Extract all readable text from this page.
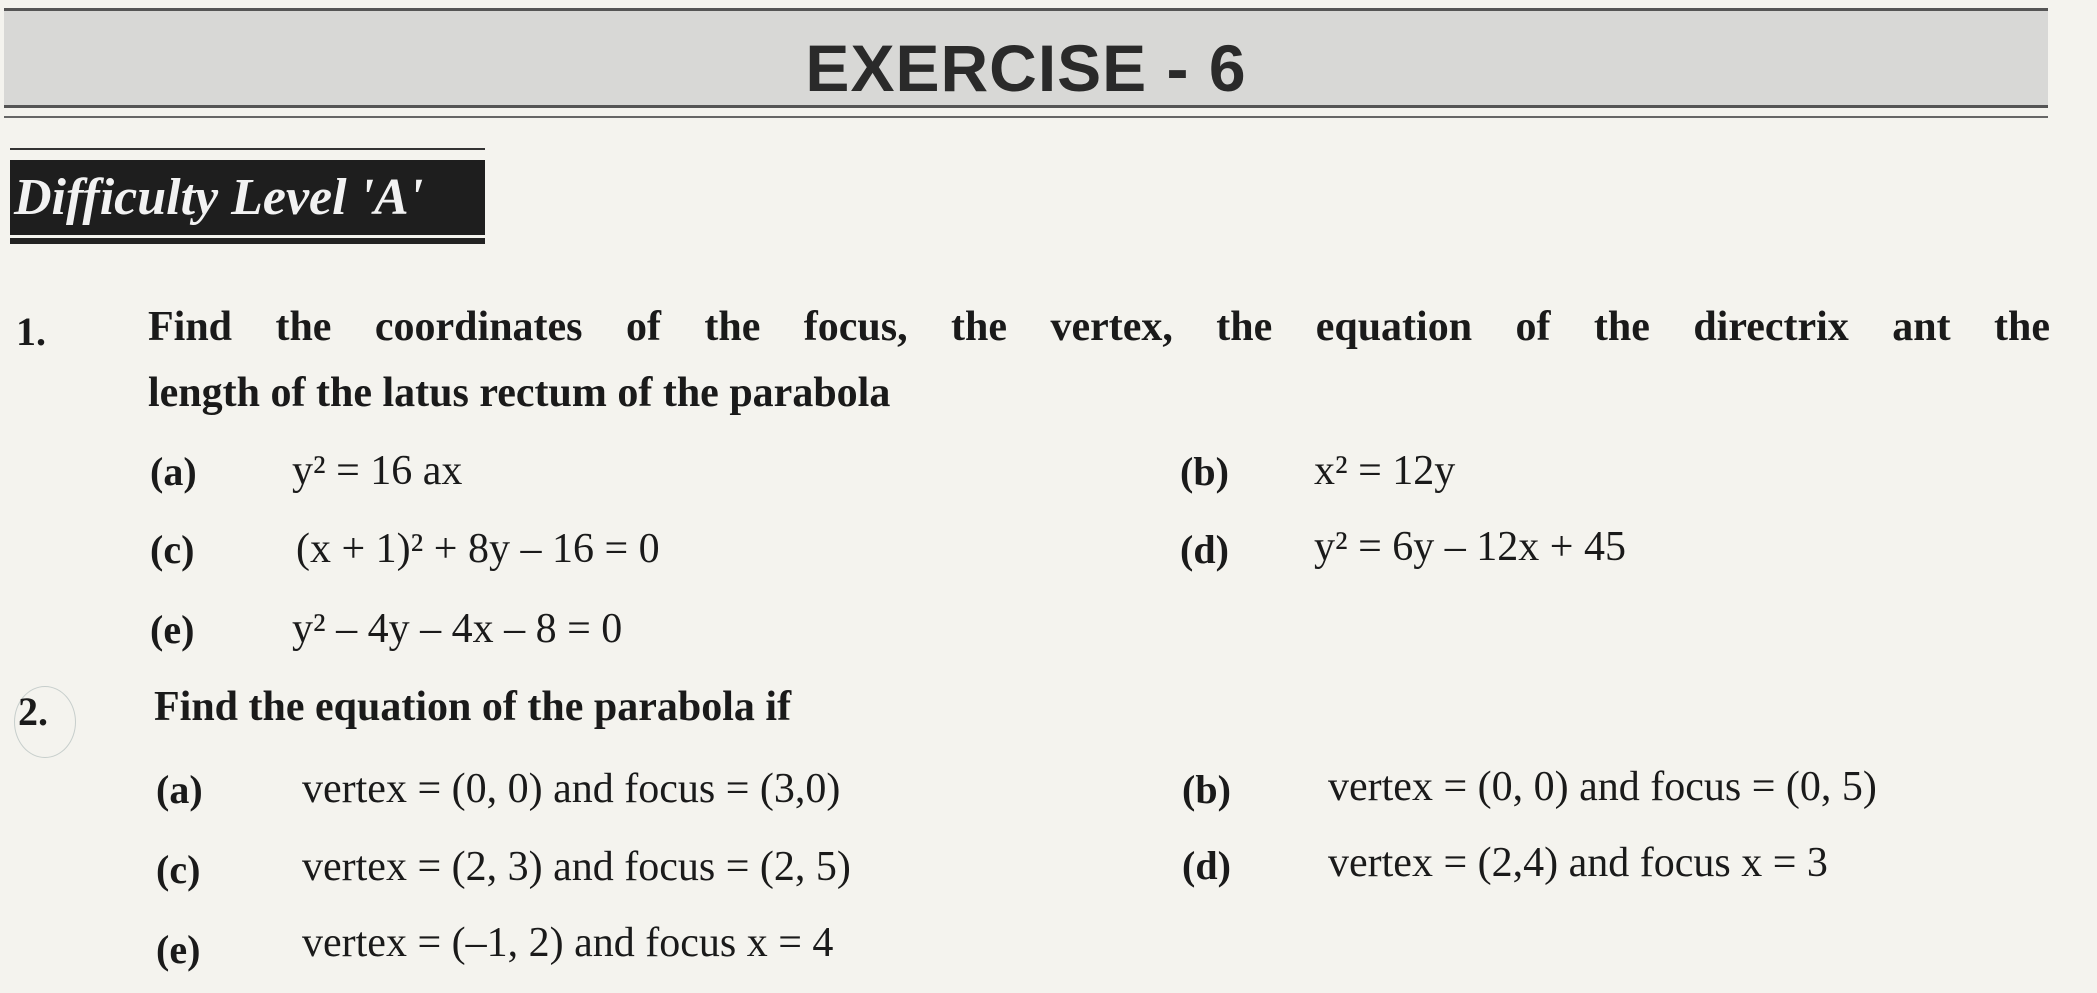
EXERCISE - 6
Difficulty Level 'A'
1. Find the coordinates of the focus, the vertex, the equation of the directrix ant the
length of the latus rectum of the parabola
(a) y² = 16 ax	(b) x² = 12y
(c) (x + 1)² + 8y – 16 = 0	(d) y² = 6y – 12x + 45
(e) y² – 4y – 4x – 8 = 0
2.	Find the equation of the parabola if
(a) vertex = (0, 0) and focus = (3,0)	(b) vertex = (0, 0) and focus = (0, 5)
(c) vertex = (2, 3) and focus = (2, 5)	(d) vertex = (2,4) and focus x = 3
(e) vertex = (–1, 2) and focus x = 4
